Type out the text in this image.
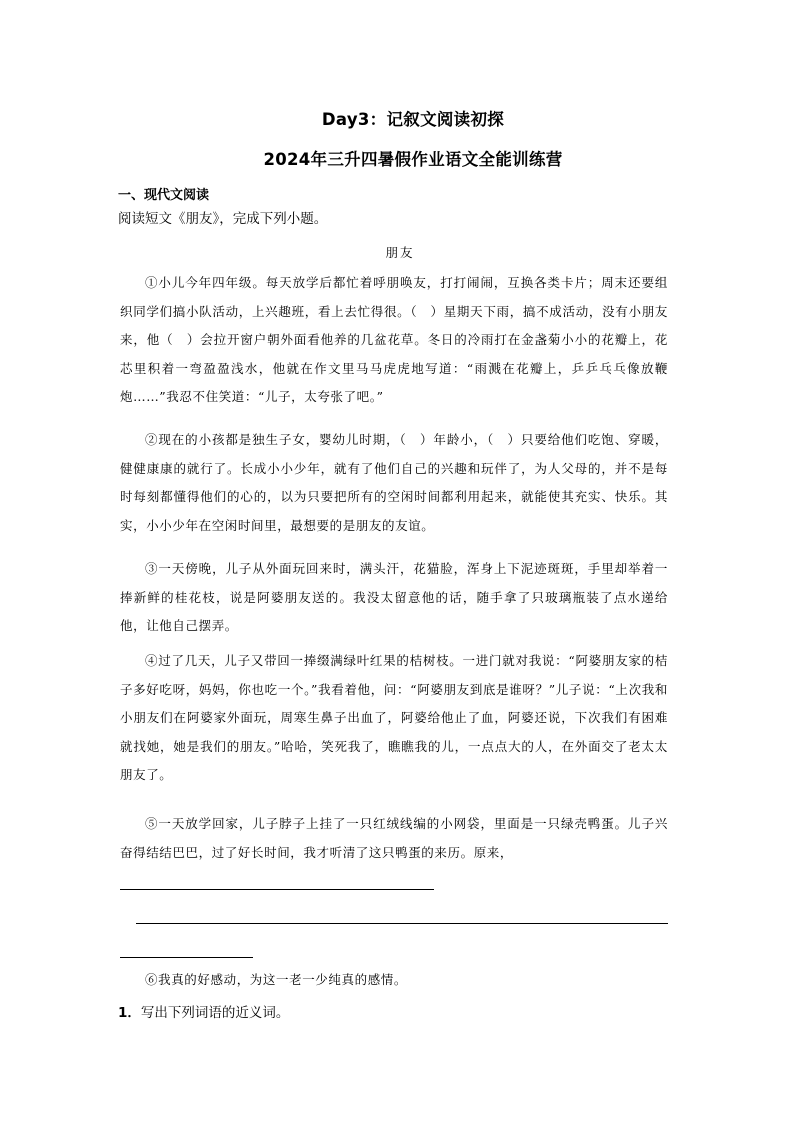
Day3：记叙文阅读初探
2024年三升四暑假作业语文全能训练营
一、现代文阅读
阅读短文《朋友》，完成下列小题。
朋友

①小儿今年四年级。每天放学后都忙着呼朋唤友，打打闹闹，互换各类卡片；周末还要组织同学们搞小队活动，上兴趣班，看上去忙得很。（　）星期天下雨，搞不成活动，没有小朋友来，他（　）会拉开窗户朝外面看他养的几盆花草。冬日的冷雨打在金盏菊小小的花瓣上，花芯里积着一弯盈盈浅水，他就在作文里马马虎虎地写道：“雨溅在花瓣上，乒乒乓乓像放鞭炮……”我忍不住笑道：“儿子，太夸张了吧。”

②现在的小孩都是独生子女，婴幼儿时期，（　）年龄小，（　）只要给他们吃饱、穿暖，健健康康的就行了。长成小小少年，就有了他们自己的兴趣和玩伴了，为人父母的，并不是每时每刻都懂得他们的心的，以为只要把所有的空闲时间都利用起来，就能使其充实、快乐。其实，小小少年在空闲时间里，最想要的是朋友的友谊。

③一天傍晚，儿子从外面玩回来时，满头汗，花猫脸，浑身上下泥迹斑斑，手里却举着一捧新鲜的桂花枝，说是阿婆朋友送的。我没太留意他的话，随手拿了只玻璃瓶装了点水递给他，让他自己摆弄。

④过了几天，儿子又带回一捧缀满绿叶红果的桔树枝。一进门就对我说：“阿婆朋友家的桔子多好吃呀，妈妈，你也吃一个。”我看着他，问：“阿婆朋友到底是谁呀？”儿子说：“上次我和小朋友们在阿婆家外面玩，周寒生鼻子出血了，阿婆给他止了血，阿婆还说，下次我们有困难就找她，她是我们的朋友。”哈哈，笑死我了，瞧瞧我的儿，一点点大的人，在外面交了老太太朋友了。

⑤一天放学回家，儿子脖子上挂了一只红绒线编的小网袋，里面是一只绿壳鸭蛋。儿子兴奋得结结巴巴，过了好长时间，我才听清了这只鸭蛋的来历。原来，

⑥我真的好感动，为这一老一少纯真的感情。

1．写出下列词语的近义词。
